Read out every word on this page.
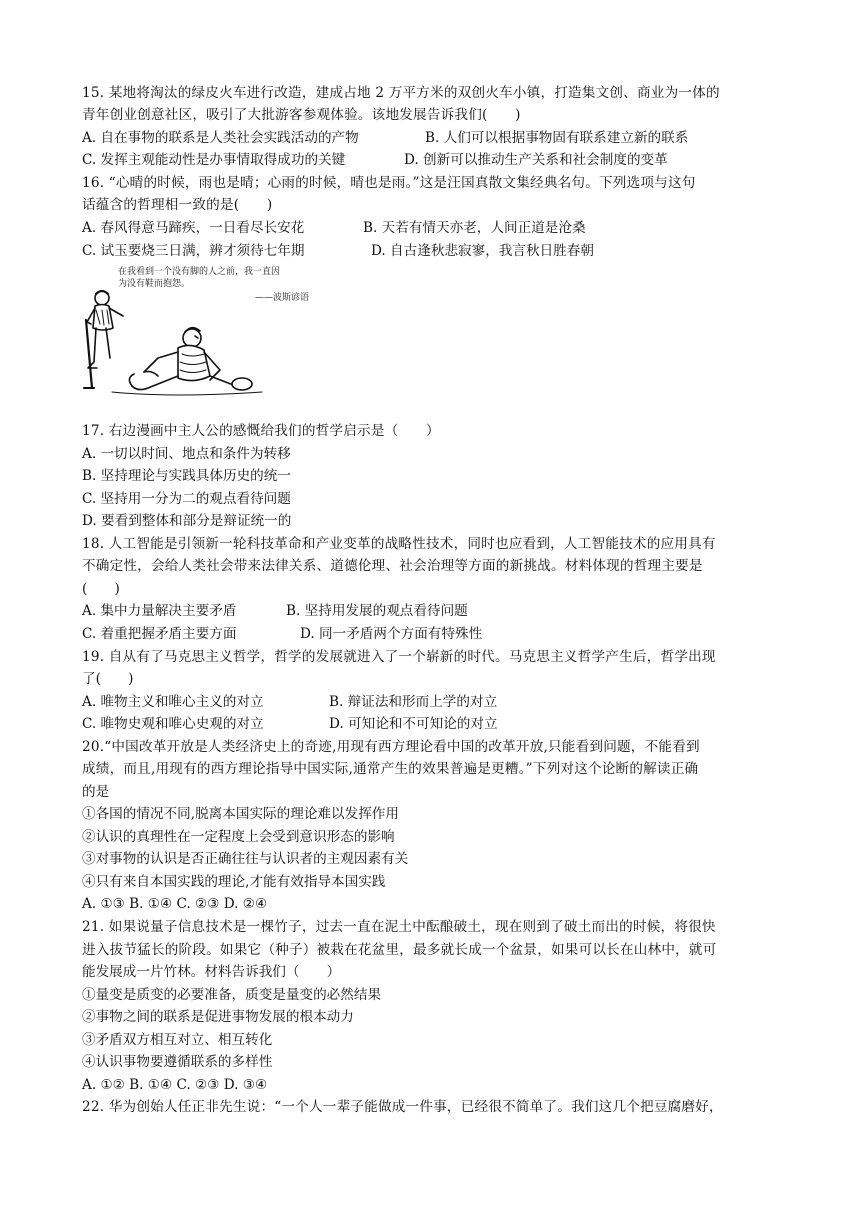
15. 某地将淘汰的绿皮火车进行改造，建成占地 2 万平方米的双创火车小镇，打造集文创、商业为一体的
青年创业创意社区，吸引了大批游客参观体验。该地发展告诉我们(　　)
A. 自在事物的联系是人类社会实践活动的产物	B. 人们可以根据事物固有联系建立新的联系
C. 发挥主观能动性是办事情取得成功的关键	D. 创新可以推动生产关系和社会制度的变革
16. “心晴的时候，雨也是晴；心雨的时候，晴也是雨。”这是汪国真散文集经典名句。下列选项与这句
话蕴含的哲理相一致的是(　　)
A. 春风得意马蹄疾，一日看尽长安花	B. 天若有情天亦老，人间正道是沧桑
C. 试玉要烧三日满，辨才须待七年期	D. 自古逢秋悲寂寥，我言秋日胜春朝
在我看到一个没有脚的人之前，我一直因
为没有鞋而抱怨。
——波斯谚语
17. 右边漫画中主人公的感慨给我们的哲学启示是（　　）
A. 一切以时间、地点和条件为转移
B. 坚持理论与实践具体历史的统一
C. 坚持用一分为二的观点看待问题
D. 要看到整体和部分是辩证统一的
18. 人工智能是引领新一轮科技革命和产业变革的战略性技术，同时也应看到，人工智能技术的应用具有
不确定性，会给人类社会带来法律关系、道德伦理、社会治理等方面的新挑战。材料体现的哲理主要是
(　　)
A. 集中力量解决主要矛盾	B. 坚持用发展的观点看待问题
C. 着重把握矛盾主要方面	D. 同一矛盾两个方面有特殊性
19. 自从有了马克思主义哲学，哲学的发展就进入了一个崭新的时代。马克思主义哲学产生后，哲学出现
了(　　)
A. 唯物主义和唯心主义的对立	B. 辩证法和形而上学的对立
C. 唯物史观和唯心史观的对立	D. 可知论和不可知论的对立
20.“中国改革开放是人类经济史上的奇迹,用现有西方理论看中国的改革开放,只能看到问题，不能看到
成绩，而且,用现有的西方理论指导中国实际,通常产生的效果普遍是更糟。”下列对这个论断的解读正确
的是
①各国的情况不同,脱离本国实际的理论难以发挥作用
②认识的真理性在一定程度上会受到意识形态的影响
③对事物的认识是否正确往往与认识者的主观因素有关
④只有来自本国实践的理论,才能有效指导本国实践
A. ①③ B. ①④ C. ②③ D. ②④
21. 如果说量子信息技术是一棵竹子，过去一直在泥土中酝酿破土，现在则到了破土而出的时候，将很快
进入拔节猛长的阶段。如果它（种子）被栽在花盆里，最多就长成一个盆景，如果可以长在山林中，就可
能发展成一片竹林。材料告诉我们（　　）
①量变是质变的必要准备，质变是量变的必然结果
②事物之间的联系是促进事物发展的根本动力
③矛盾双方相互对立、相互转化
④认识事物要遵循联系的多样性
A. ①② B. ①④ C. ②③ D. ③④
22. 华为创始人任正非先生说：“一个人一辈子能做成一件事，已经很不简单了。我们这几个把豆腐磨好，
